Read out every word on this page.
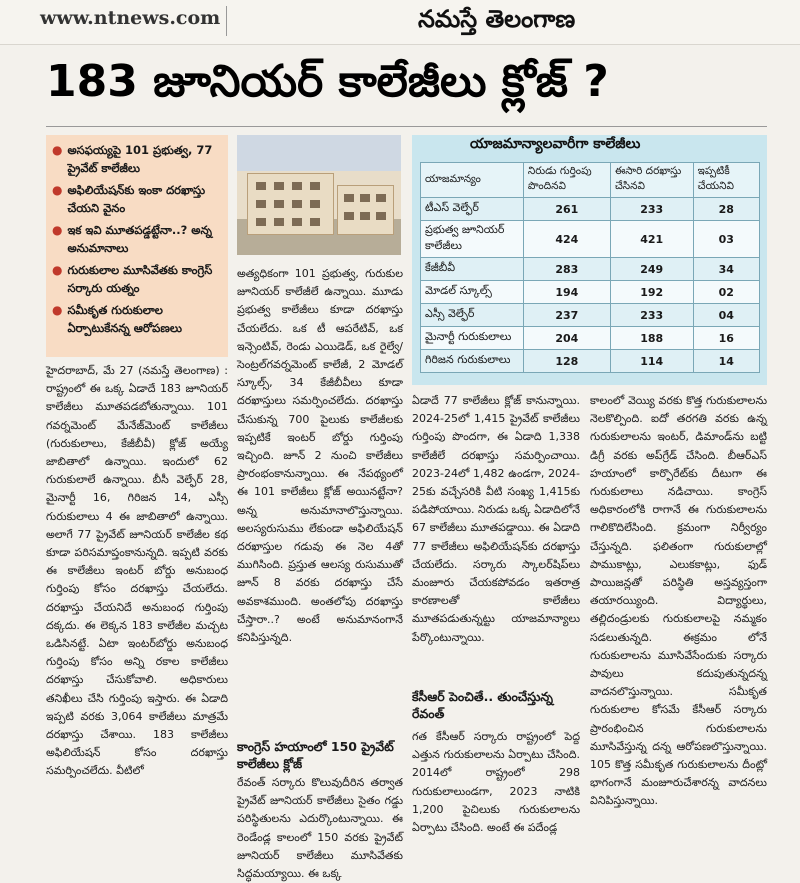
www.ntnews.com	నమస్తే తెలంగాణ
183 జూనియర్ కాలేజీలు క్లోజ్ ?
● అసఫయ్యపై 101 ప్రభుత్వ, 77 ప్రైవేట్ కాలేజీలు
● అఫిలియేషన్‌కు ఇంకా దరఖాస్తు చేయని వైనం
● ఇక ఇవి మూతపడ్డట్టేనా..? అన్న అనుమానాలు
● గురుకులాల మూసివేతకు కాంగ్రెస్ సర్కారు యత్నం
● సమీకృత గురుకులాల ఏర్పాటుకేనన్న ఆరోపణలు
యాజమాన్యాలవారీగా కాలేజీలు
యాజమాన్యం	నిరుడు గుర్తింపు పొందినవి	ఈసారి దరఖాస్తు చేసినవి	ఇప్పటికీ చేయనివి
టీఎస్ వెల్ఫేర్	261	233	28
ప్రభుత్వ జూనియర్ కాలేజీలు	424	421	03
కేజీబీవీ	283	249	34
మోడల్ స్కూల్స్	194	192	02
ఎస్సీ వెల్ఫేర్	237	233	04
మైనార్టీ గురుకులాలు	204	188	16
గిరిజన గురుకులాలు	128	114	14

హైదరాబాద్, మే 27 (నమస్తే తెలంగాణ) : రాష్ట్రంలో ఈ ఒక్క ఏడాదే 183 జూనియర్ కాలేజీలు మూతపడబోతున్నాయి. 101 గవర్నమెంట్ మేనేజ్‌మెంట్ కాలేజీలు (గురుకులాలు, కేజీబీవీ) క్లోజ్ అయ్యే జాబితాలో ఉన్నాయి. ఇందులో 62 గురుకులాలే ఉన్నాయి. బీసీ వెల్ఫేర్ 28, మైనార్టీ 16, గిరిజన 14, ఎస్సీ గురుకులాలు 4 ఈ జాబితాలో ఉన్నాయి. అలాగే 77 ప్రైవేట్ జూనియర్ కాలేజీల కథ కూడా పరిసమాప్తంకానున్నది. ఇప్పటి వరకు ఈ కాలేజీలు ఇంటర్ బోర్డు అనుబంధ గుర్తింపు కోసం దరఖాస్తు చేయలేదు. దరఖాస్తు చేయనిదే అనుబంధ గుర్తింపు దక్కదు. ఈ లెక్కన 183 కాలేజీల మచ్చట ఒడిసినట్టే. ఏటా ఇంటర్‌బోర్డు అనుబంధ గుర్తింపు కోసం అన్ని రకాల కాలేజీలు దరఖాస్తు చేసుకోవాలి. అధికారులు తనిఖీలు చేసి గుర్తింపు ఇస్తారు. ఈ ఏడాది ఇప్పటి వరకు 3,064 కాలేజీలు మాత్రమే దరఖాస్తు చేశాయి. 183 కాలేజీలు అఫిలియేషన్ కోసం దరఖాస్తు సమర్పించలేదు. వీటిలో

అత్యధికంగా 101 ప్రభుత్వ, గురుకుల జూనియర్ కాలేజీలే ఉన్నాయి. మూడు ప్రభుత్వ కాలేజీలు కూడా దరఖాస్తు చేయలేదు. ఒక టీ ఆపరేటివ్, ఒక ఇన్సెంటివ్, రెండు ఎయిడెడ్, ఒక రైల్వే/సెంట్రల్‌గవర్నమెంట్ కాలేజీ, 2 మోడల్ స్కూల్స్, 34 కేజీబీవీలు కూడా దరఖాస్తులు సమర్పించలేదు. దరఖాస్తు చేసుకున్న 700 పైలుకు కాలేజీలకు ఇప్పటికే ఇంటర్ బోర్డు గుర్తింపు ఇచ్చింది. జూన్ 2 నుంచి కాలేజీలు ప్రారంభంకానున్నాయి. ఈ నేపథ్యంలో ఈ 101 కాలేజీలు క్లోజ్ అయినట్టేనా? అన్న అనుమానాలొస్తున్నాయి. అలస్యరుసుము లేకుండా అఫిలియేషన్ దరఖాస్తుల గడువు ఈ నెల 4తో ముగిసింది. ప్రస్తుత ఆలస్య రుసుముతో జూన్ 8 వరకు దరఖాస్తు చేసే అవకాశముంది. అంతలోపు దరఖాస్తు చేస్తారా..? అంటే అనుమానంగానే కనిపిస్తున్నది.

కాంగ్రెస్ హయాంలో 150 ప్రైవేట్ కాలేజీలు క్లోజ్

రేవంత్ సర్కారు కొలువుదీరిన తర్వాత ప్రైవేట్ జూనియర్ కాలేజీలు సైతం గడ్డు పరిస్థితులను ఎదుర్కొంటున్నాయి. ఈ రెండేండ్ల కాలంలో 150 వరకు ప్రైవేట్ జూనియర్ కాలేజీలు మూసివేతకు సిద్ధమయ్యాయి. ఈ ఒక్క

ఏడాదే 77 కాలేజీలు క్లోజ్ కానున్నాయి. 2024-25లో 1,415 ప్రైవేట్ కాలేజీలు గుర్తింపు పొందగా, ఈ ఏడాది 1,338 కాలేజీలే దరఖాస్తు సమర్పించాయి. 2023-24లో 1,482 ఉండగా, 2024-25కు వచ్చేసరికి వీటి సంఖ్య 1,415కు పడిపోయాయి. నిరుడు ఒక్క ఏడాదిలోనే 67 కాలేజీలు మూతపడ్డాయి. ఈ ఏడాది 77 కాలేజీలు అఫిలియేషన్‌కు దరఖాస్తు చేయలేదు. సర్కారు స్కాలర్‌షిప్‌లు మంజూరు చేయకపోవడం ఇతరాత్ర కారణాలతో కాలేజీలు మూతపడుతున్నట్టు యాజమాన్యాలు పేర్కొంటున్నాయి.

కేసీఆర్ పెంచితే.. తుంచేస్తున్న రేవంత్

గత కేసీఆర్ సర్కారు రాష్ట్రంలో పెద్ద ఎత్తున గురుకులాలను ఏర్పాటు చేసింది. 2014లో రాష్ట్రంలో 298 గురుకులాలుండగా, 2023 నాటికి 1,200 పైచిలుకు గురుకులాలను ఏర్పాటు చేసింది. అంటే ఈ పదేండ్ల

కాలంలో వెయ్యి వరకు కొత్త గురుకులాలను నెలకొల్పింది. ఐదో తరగతి వరకు ఉన్న గురుకులాలను ఇంటర్, డిమాండ్‌ను బట్టి డిగ్రీ వరకు అప్‌గ్రేడ్ చేసింది. బీఆర్ఎస్ హయాంలో కార్పొరేట్‌కు దీటుగా ఈ గురుకులాలు నడిచాయి. కాంగ్రెస్ అధికారంలోకి రాగానే ఈ గురుకులాలను గాలికొదిలేసింది. క్రమంగా నిర్వీర్యం చేస్తున్నది. ఫలితంగా గురుకులాల్లో పాముకాట్లు, ఎలుకకాట్లు, ఫుడ్ పాయిజన్లతో పరిస్థితి అస్తవ్యస్తంగా తయారయ్యింది. విద్యార్థులు, తల్లిదండ్రులకు గురుకులాలపై నమ్మకం సడలుతున్నది. ఈక్రమం లోనే గురుకులాలను మూసివేసేందుకు సర్కారు పావులు కదుపుతున్నదన్న వాదనలొస్తున్నాయి. సమీకృత గురుకులాల కోసమే కేసీఆర్ సర్కారు ప్రారంభించిన గురుకులాలను మూసివేస్తున్న దన్న ఆరోపణలొస్తున్నాయి. 105 కొత్త సమీకృత గురుకులాలను దీంట్లో భాగంగానే మంజూరుచేశారన్న వాదనలు వినిపిస్తున్నాయి.
